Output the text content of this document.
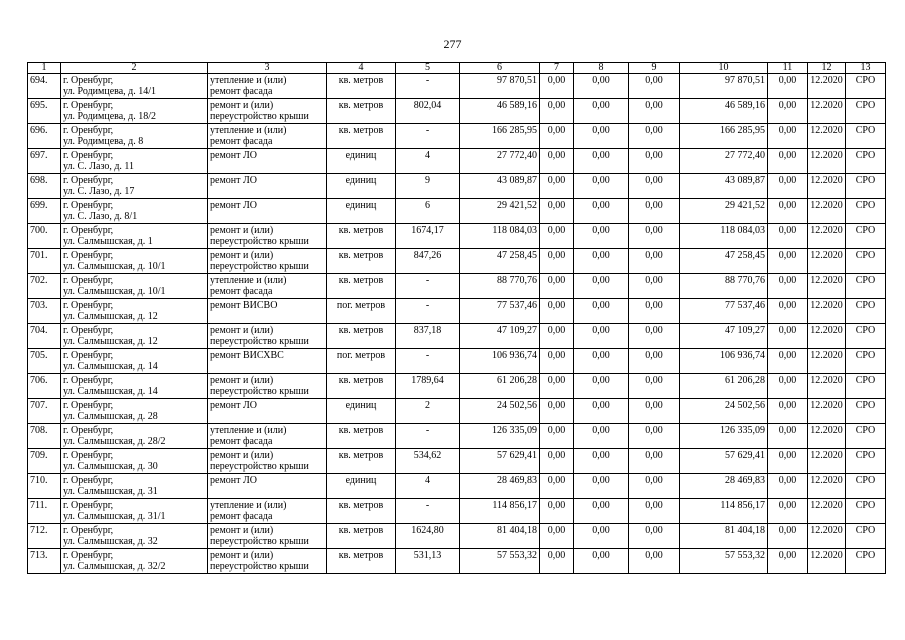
277
1	2	3	4	5	6	7	8	9	10	11	12	13
694.	г. Оренбург,
ул. Родимцева, д. 14/1	утепление и (или)
ремонт фасада	кв. метров	-	97 870,51	0,00	0,00	0,00	97 870,51	0,00	12.2020	СРО
695.	г. Оренбург,
ул. Родимцева, д. 18/2	ремонт и (или)
переустройство крыши	кв. метров	802,04	46 589,16	0,00	0,00	0,00	46 589,16	0,00	12.2020	СРО
696.	г. Оренбург,
ул. Родимцева, д. 8	утепление и (или)
ремонт фасада	кв. метров	-	166 285,95	0,00	0,00	0,00	166 285,95	0,00	12.2020	СРО
697.	г. Оренбург,
ул. С. Лазо, д. 11	ремонт ЛО	единиц	4	27 772,40	0,00	0,00	0,00	27 772,40	0,00	12.2020	СРО
698.	г. Оренбург,
ул. С. Лазо, д. 17	ремонт ЛО	единиц	9	43 089,87	0,00	0,00	0,00	43 089,87	0,00	12.2020	СРО
699.	г. Оренбург,
ул. С. Лазо, д. 8/1	ремонт ЛО	единиц	6	29 421,52	0,00	0,00	0,00	29 421,52	0,00	12.2020	СРО
700.	г. Оренбург,
ул. Салмышская, д. 1	ремонт и (или)
переустройство крыши	кв. метров	1674,17	118 084,03	0,00	0,00	0,00	118 084,03	0,00	12.2020	СРО
701.	г. Оренбург,
ул. Салмышская, д. 10/1	ремонт и (или)
переустройство крыши	кв. метров	847,26	47 258,45	0,00	0,00	0,00	47 258,45	0,00	12.2020	СРО
702.	г. Оренбург,
ул. Салмышская, д. 10/1	утепление и (или)
ремонт фасада	кв. метров	-	88 770,76	0,00	0,00	0,00	88 770,76	0,00	12.2020	СРО
703.	г. Оренбург,
ул. Салмышская, д. 12	ремонт ВИСВО	пог. метров	-	77 537,46	0,00	0,00	0,00	77 537,46	0,00	12.2020	СРО
704.	г. Оренбург,
ул. Салмышская, д. 12	ремонт и (или)
переустройство крыши	кв. метров	837,18	47 109,27	0,00	0,00	0,00	47 109,27	0,00	12.2020	СРО
705.	г. Оренбург,
ул. Салмышская, д. 14	ремонт ВИСХВС	пог. метров	-	106 936,74	0,00	0,00	0,00	106 936,74	0,00	12.2020	СРО
706.	г. Оренбург,
ул. Салмышская, д. 14	ремонт и (или)
переустройство крыши	кв. метров	1789,64	61 206,28	0,00	0,00	0,00	61 206,28	0,00	12.2020	СРО
707.	г. Оренбург,
ул. Салмышская, д. 28	ремонт ЛО	единиц	2	24 502,56	0,00	0,00	0,00	24 502,56	0,00	12.2020	СРО
708.	г. Оренбург,
ул. Салмышская, д. 28/2	утепление и (или)
ремонт фасада	кв. метров	-	126 335,09	0,00	0,00	0,00	126 335,09	0,00	12.2020	СРО
709.	г. Оренбург,
ул. Салмышская, д. 30	ремонт и (или)
переустройство крыши	кв. метров	534,62	57 629,41	0,00	0,00	0,00	57 629,41	0,00	12.2020	СРО
710.	г. Оренбург,
ул. Салмышская, д. 31	ремонт ЛО	единиц	4	28 469,83	0,00	0,00	0,00	28 469,83	0,00	12.2020	СРО
711.	г. Оренбург,
ул. Салмышская, д. 31/1	утепление и (или)
ремонт фасада	кв. метров	-	114 856,17	0,00	0,00	0,00	114 856,17	0,00	12.2020	СРО
712.	г. Оренбург,
ул. Салмышская, д. 32	ремонт и (или)
переустройство крыши	кв. метров	1624,80	81 404,18	0,00	0,00	0,00	81 404,18	0,00	12.2020	СРО
713.	г. Оренбург,
ул. Салмышская, д. 32/2	ремонт и (или)
переустройство крыши	кв. метров	531,13	57 553,32	0,00	0,00	0,00	57 553,32	0,00	12.2020	СРО
